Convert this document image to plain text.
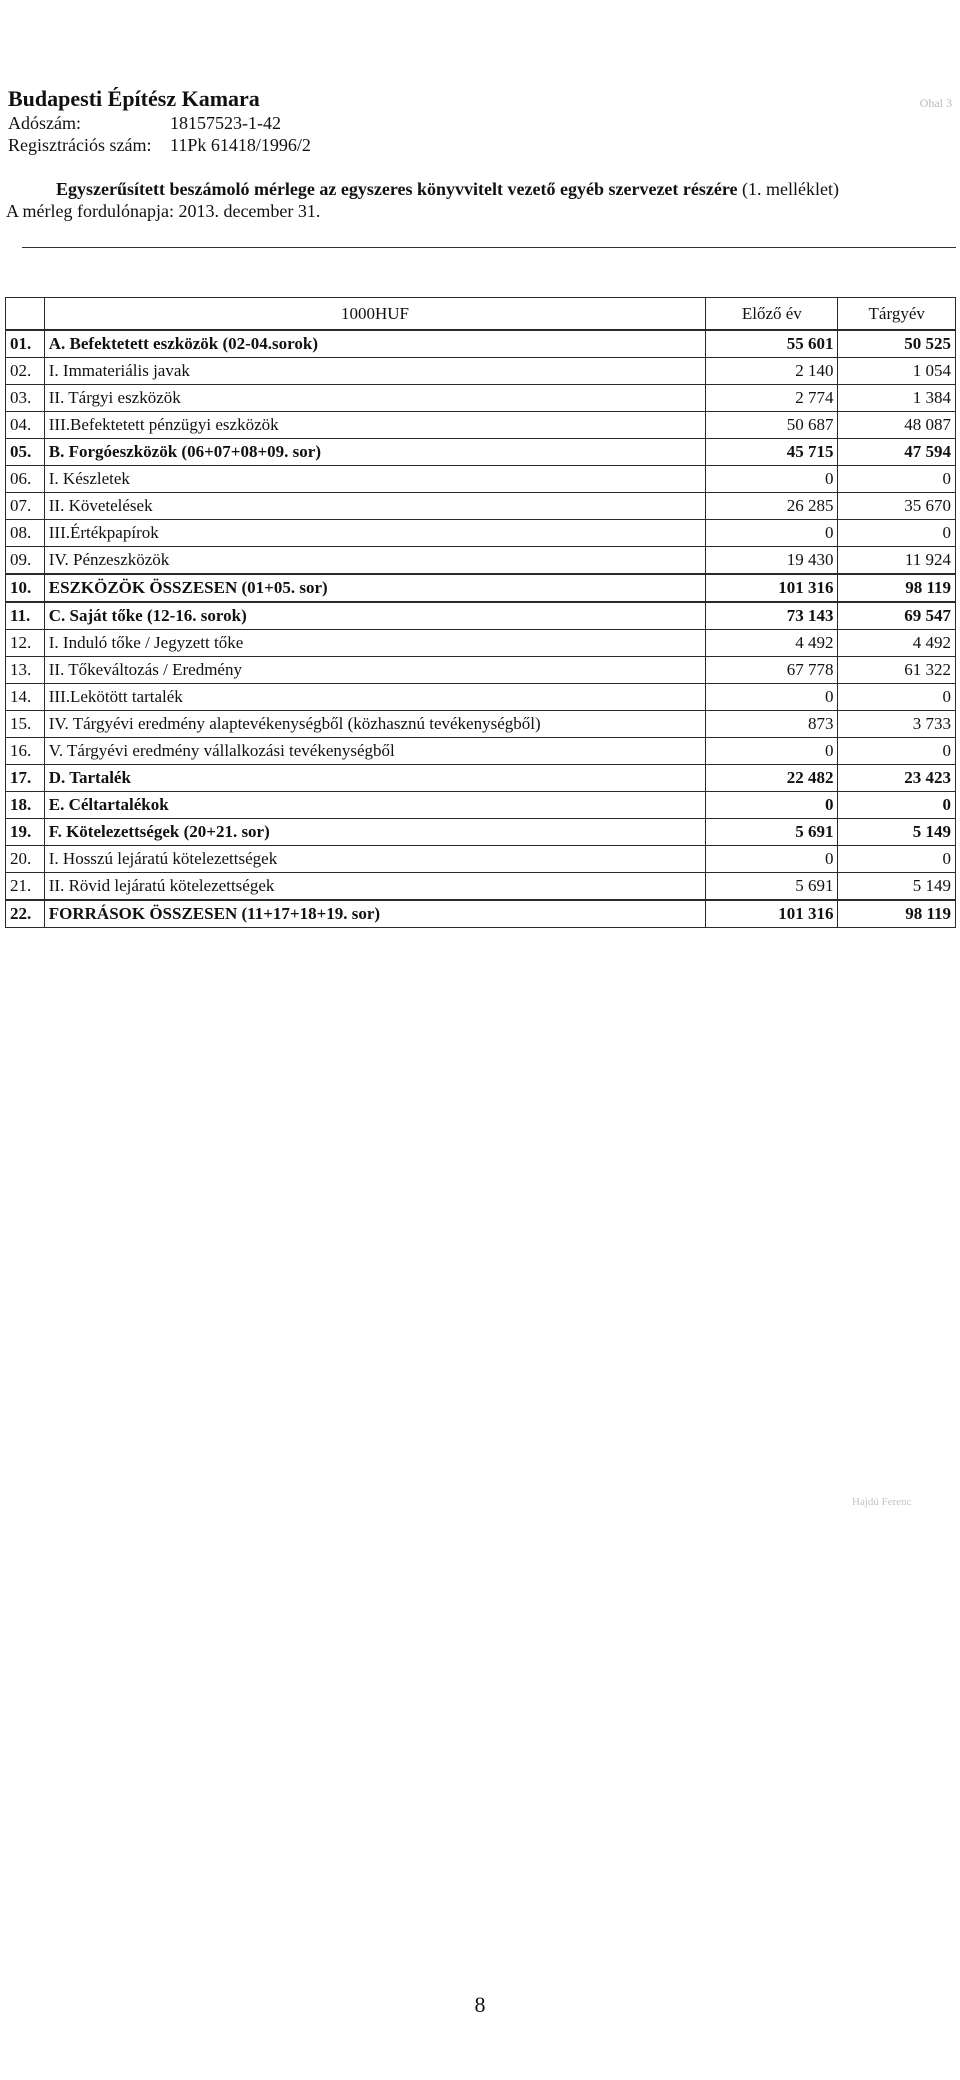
Budapesti Építész Kamara
Adószám:	18157523-1-42
Regisztrációs szám:	11Pk 61418/1996/2
Ohal 3
Egyszerűsített beszámoló mérlege az egyszeres könyvvitelt vezető egyéb szervezet részére (1. melléklet)
A mérleg fordulónapja: 2013. december 31.
	1000HUF	Előző év	Tárgyév
01.	A. Befektetett eszközök (02-04.sorok)	55 601	50 525
02.	I. Immateriális javak	2 140	1 054
03.	II. Tárgyi eszközök	2 774	1 384
04.	III.Befektetett pénzügyi eszközök	50 687	48 087
05.	B. Forgóeszközök (06+07+08+09. sor)	45 715	47 594
06.	I. Készletek	0	0
07.	II. Követelések	26 285	35 670
08.	III.Értékpapírok	0	0
09.	IV. Pénzeszközök	19 430	11 924
10.	ESZKÖZÖK ÖSSZESEN (01+05. sor)	101 316	98 119
11.	C. Saját tőke (12-16. sorok)	73 143	69 547
12.	I. Induló tőke / Jegyzett tőke	4 492	4 492
13.	II. Tőkeváltozás / Eredmény	67 778	61 322
14.	III.Lekötött tartalék	0	0
15.	IV. Tárgyévi eredmény alaptevékenységből (közhasznú tevékenységből)	873	3 733
16.	V. Tárgyévi eredmény vállalkozási tevékenységből	0	0
17.	D. Tartalék	22 482	23 423
18.	E. Céltartalékok	0	0
19.	F. Kötelezettségek (20+21. sor)	5 691	5 149
20.	I. Hosszú lejáratú kötelezettségek	0	0
21.	II. Rövid lejáratú kötelezettségek	5 691	5 149
22.	FORRÁSOK ÖSSZESEN (11+17+18+19. sor)	101 316	98 119
Hajdú Ferenc
8
